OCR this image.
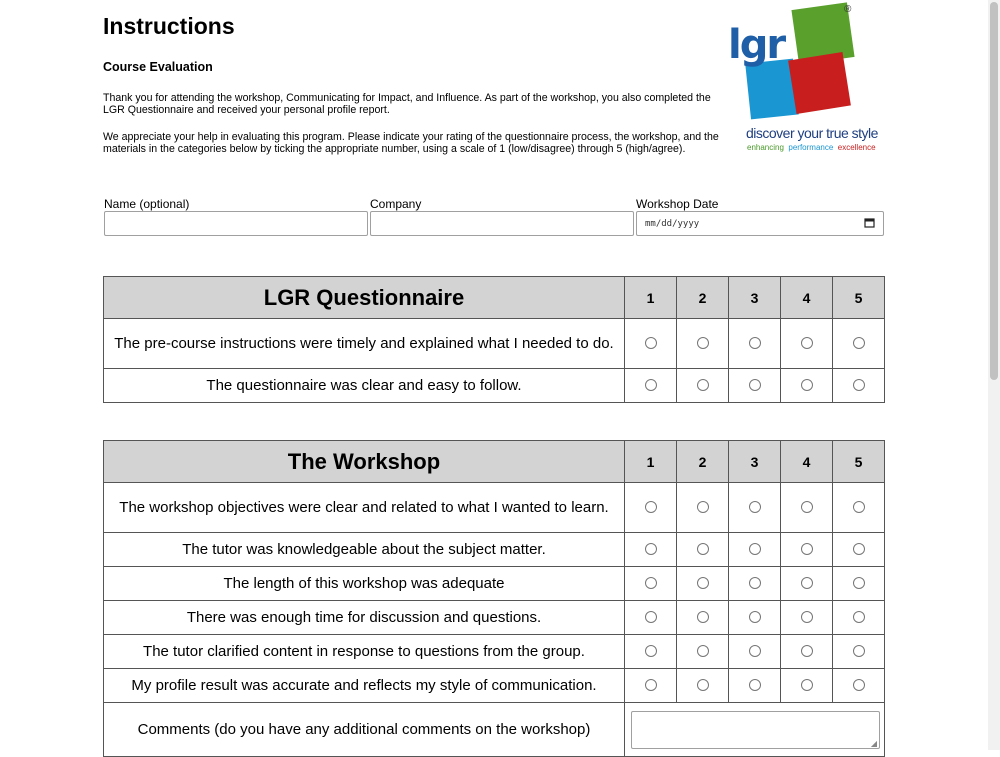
Instructions
Course Evaluation
Thank you for attending the workshop, Communicating for Impact, and Influence. As part of the workshop, you also completed the LGR Questionnaire and received your personal profile report.
We appreciate your help in evaluating this program. Please indicate your rating of the questionnaire process, the workshop, and the materials in the categories below by ticking the appropriate number, using a scale of 1 (low/disagree) through 5 (high/agree).
lgr
®
discover your true style
enhancing performance excellence
Name (optional)	Company	Workshop Date
mm/dd/yyyy
LGR Questionnaire	1	2	3	4	5
The pre-course instructions were timely and explained what I needed to do.					
The questionnaire was clear and easy to follow.					
The Workshop	1	2	3	4	5
The workshop objectives were clear and related to what I wanted to learn.					
The tutor was knowledgeable about the subject matter.					
The length of this workshop was adequate					
There was enough time for discussion and questions.					
The tutor clarified content in response to questions from the group.					
My profile result was accurate and reflects my style of communication.					
Comments (do you have any additional comments on the workshop)	◢				
